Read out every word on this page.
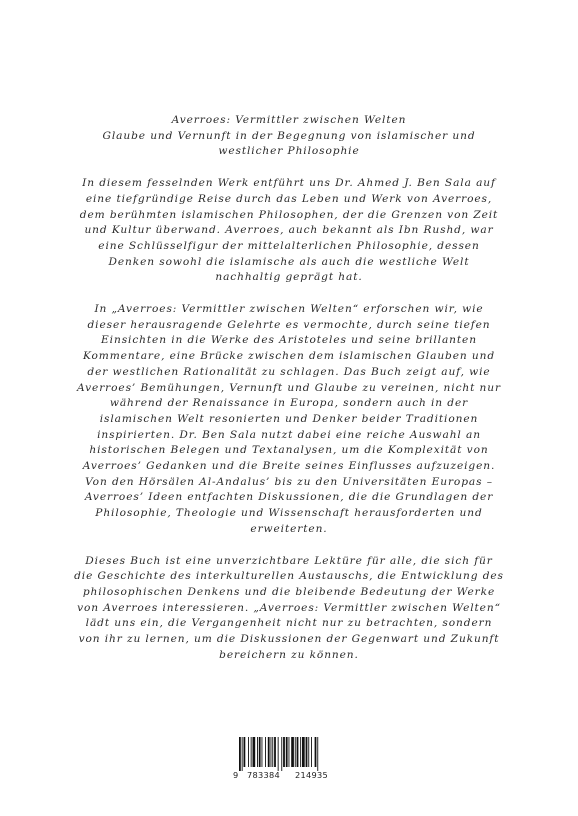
Averroes: Vermittler zwischen Welten

Glaube und Vernunft in der Begegnung von islamischer und westlicher Philosophie

In diesem fesselnden Werk entführt uns Dr. Ahmed J. Ben Sala auf eine tiefgründige Reise durch das Leben und Werk von Averroes, dem berühmten islamischen Philosophen, der die Grenzen von Zeit und Kultur überwand. Averroes, auch bekannt als Ibn Rushd, war eine Schlüsselfigur der mittelalterlichen Philosophie, dessen Denken sowohl die islamische als auch die westliche Welt nachhaltig geprägt hat.

In „Averroes: Vermittler zwischen Welten“ erforschen wir, wie dieser herausragende Gelehrte es vermochte, durch seine tiefen Einsichten in die Werke des Aristoteles und seine brillanten Kommentare, eine Brücke zwischen dem islamischen Glauben und der westlichen Rationalität zu schlagen. Das Buch zeigt auf, wie Averroes’ Bemühungen, Vernunft und Glaube zu vereinen, nicht nur während der Renaissance in Europa, sondern auch in der islamischen Welt resonierten und Denker beider Traditionen inspirierten. Dr. Ben Sala nutzt dabei eine reiche Auswahl an historischen Belegen und Textanalysen, um die Komplexität von Averroes’ Gedanken und die Breite seines Einflusses aufzuzeigen. Von den Hörsälen Al-Andalus’ bis zu den Universitäten Europas – Averroes’ Ideen entfachten Diskussionen, die die Grundlagen der Philosophie, Theologie und Wissenschaft herausforderten und erweiterten.

Dieses Buch ist eine unverzichtbare Lektüre für alle, die sich für die Geschichte des interkulturellen Austauschs, die Entwicklung des philosophischen Denkens und die bleibende Bedeutung der Werke von Averroes interessieren. „Averroes: Vermittler zwischen Welten“ lädt uns ein, die Vergangenheit nicht nur zu betrachten, sondern von ihr zu lernen, um die Diskussionen der Gegenwart und Zukunft bereichern zu können.

9 783384 214935
